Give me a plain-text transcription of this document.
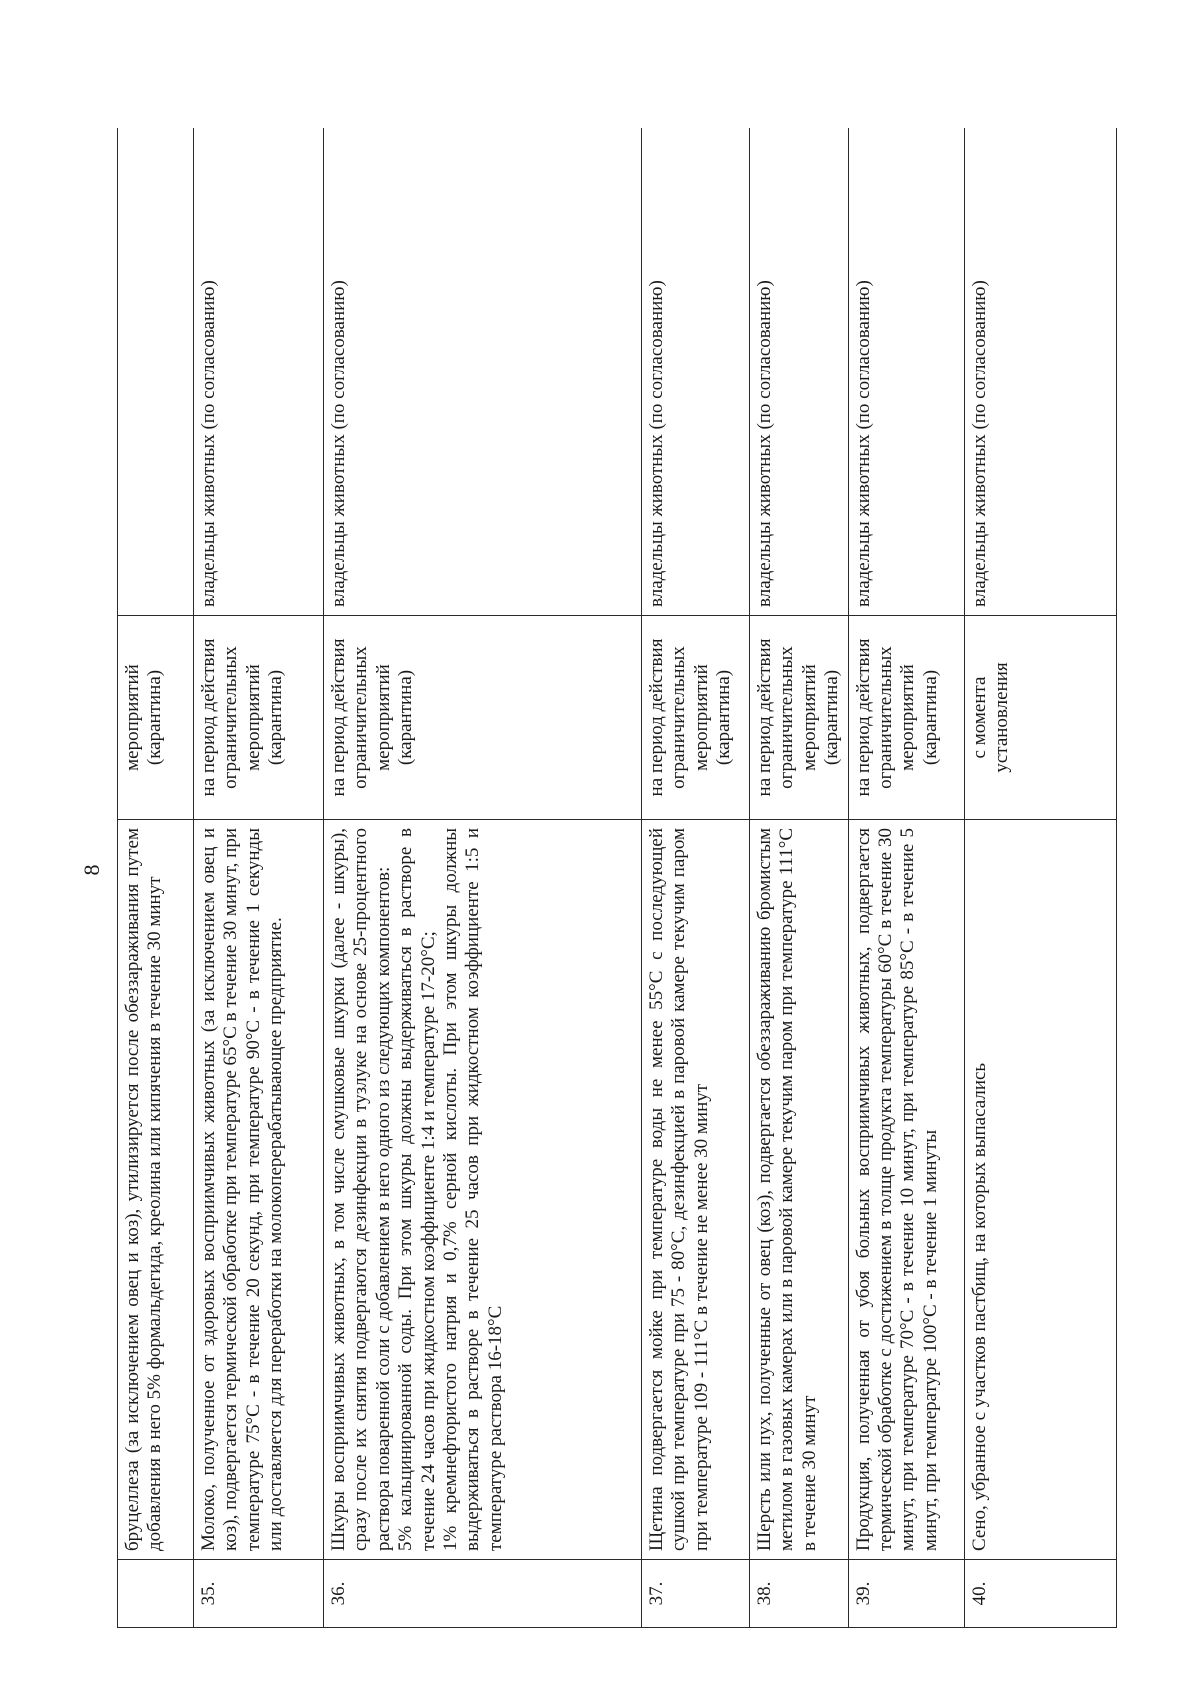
8

	бруцеллеза (за исключением овец и коз), утилизируется после обеззараживания путем добавления в него 5% формальдегида, креолина или кипячения в течение 30 минут	мероприятий (карантина)	
35.	Молоко, полученное от здоровых восприимчивых животных (за исключением овец и коз), подвергается термической обработке при температуре 65°С в течение 30 минут, при температуре 75°С - в течение 20 секунд, при температуре 90°С - в течение 1 секунды или доставляется для переработки на молокоперерабатывающее предприятие.	на период действия ограничительных мероприятий (карантина)	владельцы животных (по согласованию)
36.	Шкуры восприимчивых животных, в том числе смушковые шкурки (далее - шкуры), сразу после их снятия подвергаются дезинфекции в тузлуке на основе 25-процентного раствора поваренной соли с добавлением в него одного из следующих компонентов: 5% кальцинированной соды. При этом шкуры должны выдерживаться в растворе в течение 24 часов при жидкостном коэффициенте 1:4 и температуре 17-20°С; 1% кремнефтористого натрия и 0,7% серной кислоты. При этом шкуры должны выдерживаться в растворе в течение 25 часов при жидкостном коэффициенте 1:5 и температуре раствора 16-18°С	на период действия ограничительных мероприятий (карантина)	владельцы животных (по согласованию)
37.	Щетина подвергается мойке при температуре воды не менее 55°С с последующей сушкой при температуре при 75 - 80°С, дезинфекцией в паровой камере текучим паром при температуре 109 - 111°С в течение не менее 30 минут	на период действия ограничительных мероприятий (карантина)	владельцы животных (по согласованию)
38.	Шерсть или пух, полученные от овец (коз), подвергается обеззараживанию бромистым метилом в газовых камерах или в паровой камере текучим паром при температуре 111°С в течение 30 минут	на период действия ограничительных мероприятий (карантина)	владельцы животных (по согласованию)
39.	Продукция, полученная от убоя больных восприимчивых животных, подвергается термической обработке с достижением в толще продукта температуры 60°С в течение 30 минут, при температуре 70°С - в течение 10 минут, при температуре 85°С - в течение 5 минут, при температуре 100°С - в течение 1 минуты	на период действия ограничительных мероприятий (карантина)	владельцы животных (по согласованию)
40.	Сено, убранное с участков пастбищ, на которых выпасались	с момента установления	владельцы животных (по согласованию)
